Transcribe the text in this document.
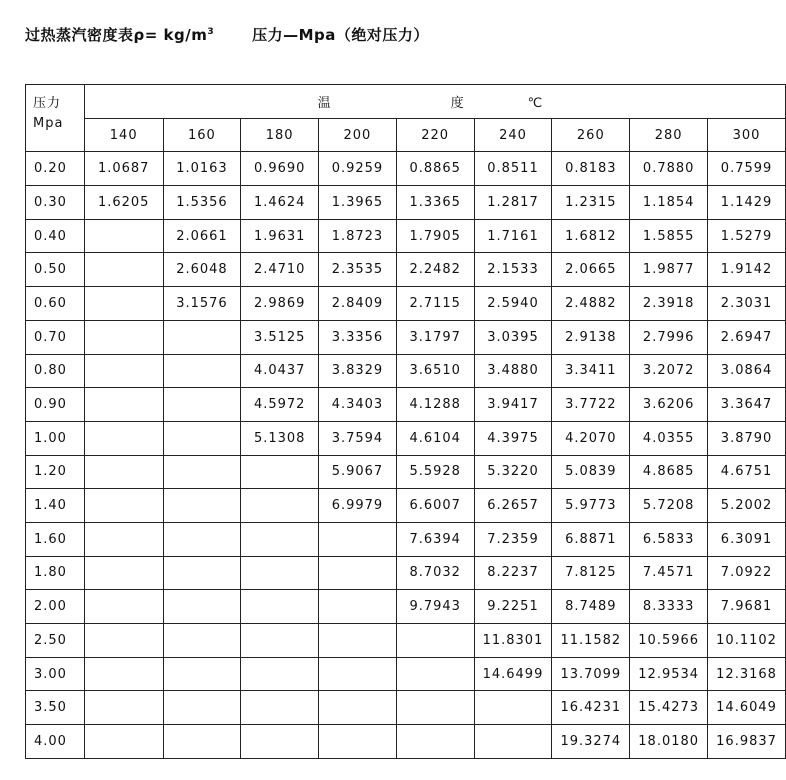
过热蒸汽密度表$\rho= kg/m^3$	压力—Mpa（绝对压力）
压力
Mpa	温 度 ℃								
	140	160	180	200	220	240	260	280	300
0.20	1.0687	1.0163	0.9690	0.9259	0.8865	0.8511	0.8183	0.7880	0.7599
0.30	1.6205	1.5356	1.4624	1.3965	1.3365	1.2817	1.2315	1.1854	1.1429
0.40		2.0661	1.9631	1.8723	1.7905	1.7161	1.6812	1.5855	1.5279
0.50		2.6048	2.4710	2.3535	2.2482	2.1533	2.0665	1.9877	1.9142
0.60		3.1576	2.9869	2.8409	2.7115	2.5940	2.4882	2.3918	2.3031
0.70			3.5125	3.3356	3.1797	3.0395	2.9138	2.7996	2.6947
0.80			4.0437	3.8329	3.6510	3.4880	3.3411	3.2072	3.0864
0.90			4.5972	4.3403	4.1288	3.9417	3.7722	3.6206	3.3647
1.00			5.1308	3.7594	4.6104	4.3975	4.2070	4.0355	3.8790
1.20				5.9067	5.5928	5.3220	5.0839	4.8685	4.6751
1.40				6.9979	6.6007	6.2657	5.9773	5.7208	5.2002
1.60					7.6394	7.2359	6.8871	6.5833	6.3091
1.80					8.7032	8.2237	7.8125	7.4571	7.0922
2.00					9.7943	9.2251	8.7489	8.3333	7.9681
2.50						11.8301	11.1582	10.5966	10.1102
3.00						14.6499	13.7099	12.9534	12.3168
3.50							16.4231	15.4273	14.6049
4.00							19.3274	18.0180	16.9837
